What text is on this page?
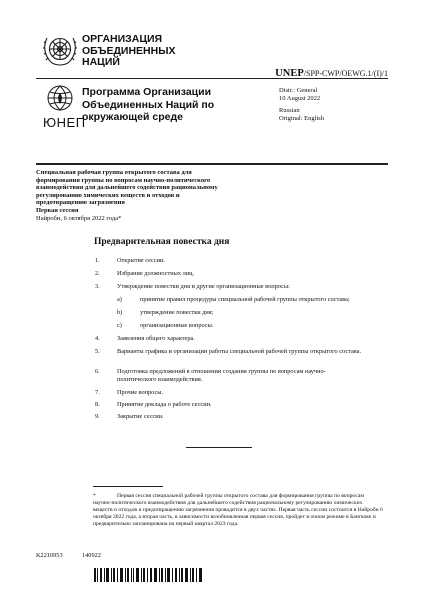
ОРГАНИЗАЦИЯ
ОБЪЕДИНЕННЫХ
НАЦИЙ
UNEP/SPP-CWP/OEWG.1/(I)/1
ЮНЕП
Программа Организации
Объединенных Наций по
окружающей среде
Distr.: General
10 August 2022
Russian
Original: English
Специальная рабочая группа открытого состава для
формирования группы по вопросам научно-политического
взаимодействия для дальнейшего содействия рациональному
регулированию химических веществ и отходов и
предотвращению загрязнения
Первая сессия
Найроби, 6 октября 2022 года*
Предварительная повестка дня
1.	Открытие сессии.
2.	Избрание должностных лиц.
3.	Утверждение повестки дня и другие организационные вопросы:
a)	принятие правил процедуры специальной рабочей группы открытого состава;
b)	утверждение повестки дня;
c)	организационные вопросы.
4.	Заявления общего характера.
5.	Варианты графика и организации работы специальной рабочей группы открытого состава.
6.	Подготовка предложений в отношении создания группы по вопросам научно-политического взаимодействия.
7.	Прочие вопросы.
8.	Принятие доклада о работе сессии.
9.	Закрытие сессии.
*	Первая сессия специальной рабочей группы открытого состава для формирования группы по вопросам научно-политического взаимодействия для дальнейшего содействия рациональному регулированию химических веществ и отходов и предотвращению загрязнения проводится в двух частях. Первая часть сессии состоится в Найроби 6 октября 2022 года, а вторая часть, в зависимости возобновленная первая сессия, пройдет в очном режиме в Бангкоке и предварительно запланирована на первый квартал 2023 года.
K2210953	140922
